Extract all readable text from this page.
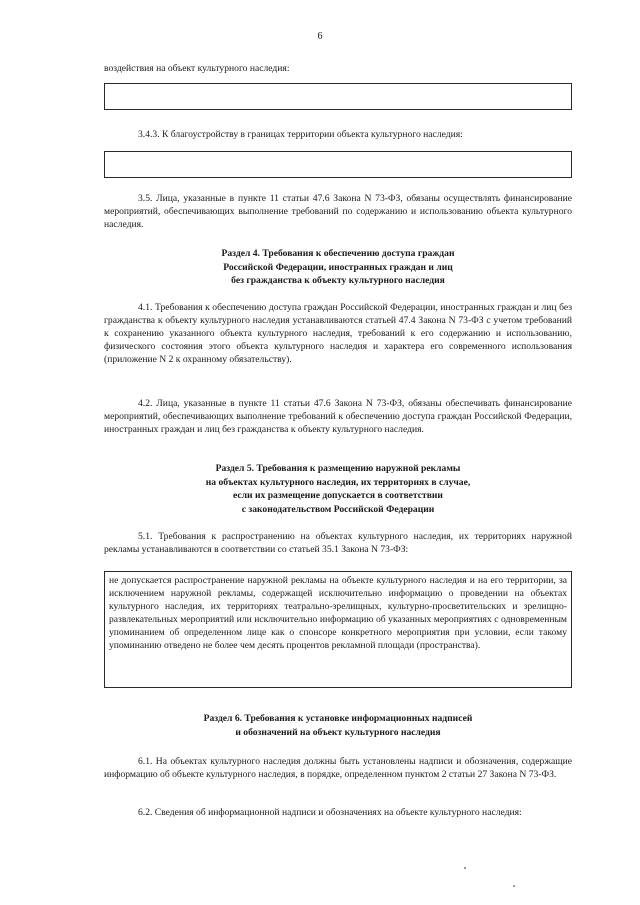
6

воздействия на объект культурного наследия:

3.4.3. К благоустройству в границах территории объекта культурного наследия:

3.5. Лица, указанные в пункте 11 статьи 47.6 Закона N 73-ФЗ, обязаны осуществлять финансирование мероприятий, обеспечивающих выполнение требований по содержанию и использованию объекта культурного наследия.

Раздел 4. Требования к обеспечению доступа граждан
Российской Федерации, иностранных граждан и лиц
без гражданства к объекту культурного наследия

4.1. Требования к обеспечению доступа граждан Российской Федерации, иностранных граждан и лиц без гражданства к объекту культурного наследия устанавливаются статьей 47.4 Закона N 73-ФЗ с учетом требований к сохранению указанного объекта культурного наследия, требований к его содержанию и использованию, физического состояния этого объекта культурного наследия и характера его современного использования (приложение N 2 к охранному обязательству).

4.2. Лица, указанные в пункте 11 статьи 47.6 Закона N 73-ФЗ, обязаны обеспечивать финансирование мероприятий, обеспечивающих выполнение требований к обеспечению доступа граждан Российской Федерации, иностранных граждан и лиц без гражданства к объекту культурного наследия.

Раздел 5. Требования к размещению наружной рекламы
на объектах культурного наследия, их территориях в случае,
если их размещение допускается в соответствии
с законодательством Российской Федерации

5.1. Требования к распространению на объектах культурного наследия, их территориях наружной рекламы устанавливаются в соответствии со статьей 35.1 Закона N 73-ФЗ:

не допускается распространение наружной рекламы на объекте культурного наследия и на его территории, за исключением наружной рекламы, содержащей исключительно информацию о проведении на объектах культурного наследия, их территориях театрально-зрелищных, культурно-просветительских и зрелищно-развлекательных мероприятий или исключительно информацию об указанных мероприятиях с одновременным упоминанием об определенном лице как о спонсоре конкретного мероприятия при условии, если такому упоминанию отведено не более чем десять процентов рекламной площади (пространства).

Раздел 6. Требования к установке информационных надписей
и обозначений на объект культурного наследия

6.1. На объектах культурного наследия должны быть установлены надписи и обозначения, содержащие информацию об объекте культурного наследия, в порядке, определенном пунктом 2 статьи 27 Закона N 73-ФЗ.

6.2. Сведения об информационной надписи и обозначениях на объекте культурного наследия:
